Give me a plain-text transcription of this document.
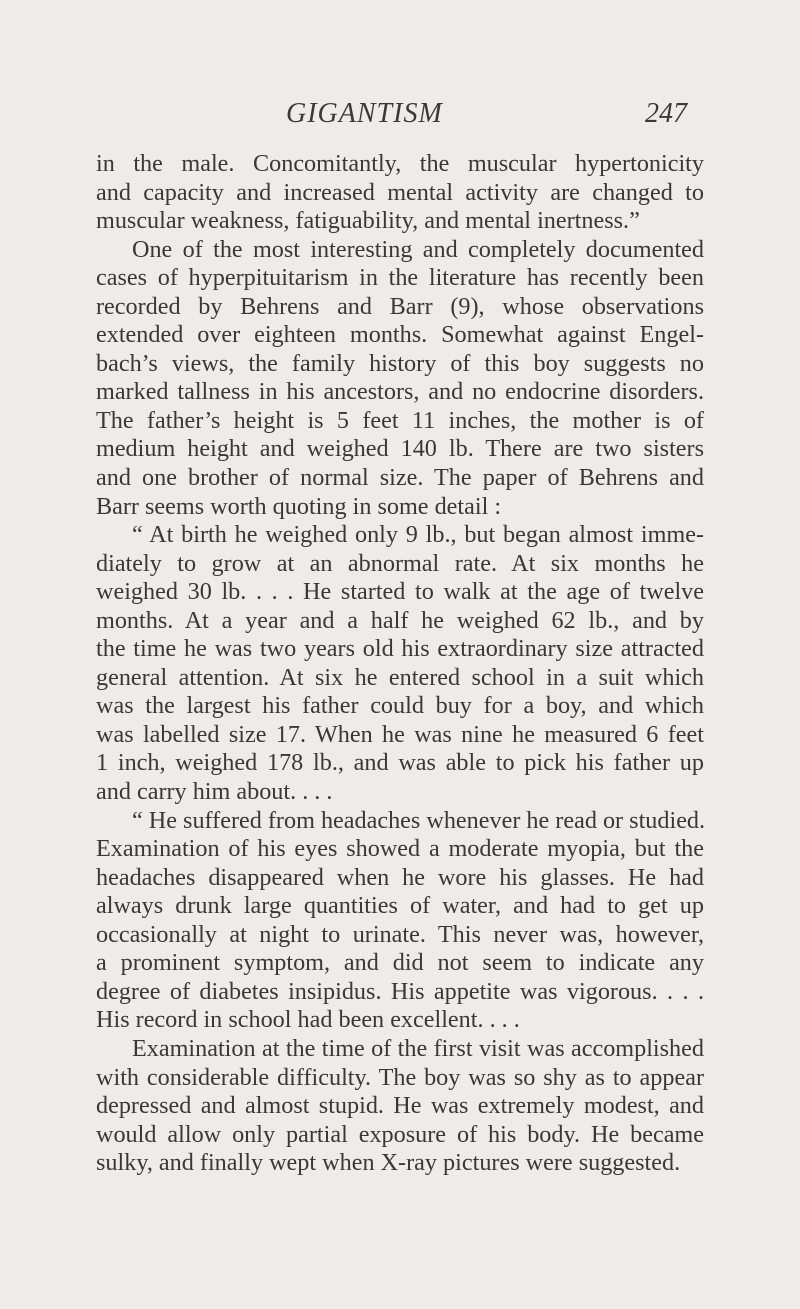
GIGANTISM	247
in the male. Concomitantly, the muscular hypertonicity
and capacity and increased mental activity are changed to
muscular weakness, fatiguability, and mental inertness.”
One of the most interesting and completely documented
cases of hyperpituitarism in the literature has recently been
recorded by Behrens and Barr (9), whose observations
extended over eighteen months. Somewhat against Engel-
bach’s views, the family history of this boy suggests no
marked tallness in his ancestors, and no endocrine disorders.
The father’s height is 5 feet 11 inches, the mother is of
medium height and weighed 140 lb. There are two sisters
and one brother of normal size. The paper of Behrens and
Barr seems worth quoting in some detail :
“ At birth he weighed only 9 lb., but began almost imme-
diately to grow at an abnormal rate. At six months he
weighed 30 lb. . . . He started to walk at the age of twelve
months. At a year and a half he weighed 62 lb., and by
the time he was two years old his extraordinary size attracted
general attention. At six he entered school in a suit which
was the largest his father could buy for a boy, and which
was labelled size 17. When he was nine he measured 6 feet
1 inch, weighed 178 lb., and was able to pick his father up
and carry him about. . . .
“ He suffered from headaches whenever he read or studied.
Examination of his eyes showed a moderate myopia, but the
headaches disappeared when he wore his glasses. He had
always drunk large quantities of water, and had to get up
occasionally at night to urinate. This never was, however,
a prominent symptom, and did not seem to indicate any
degree of diabetes insipidus. His appetite was vigorous. . . .
His record in school had been excellent. . . .
Examination at the time of the first visit was accomplished
with considerable difficulty. The boy was so shy as to appear
depressed and almost stupid. He was extremely modest, and
would allow only partial exposure of his body. He became
sulky, and finally wept when X-ray pictures were suggested.
